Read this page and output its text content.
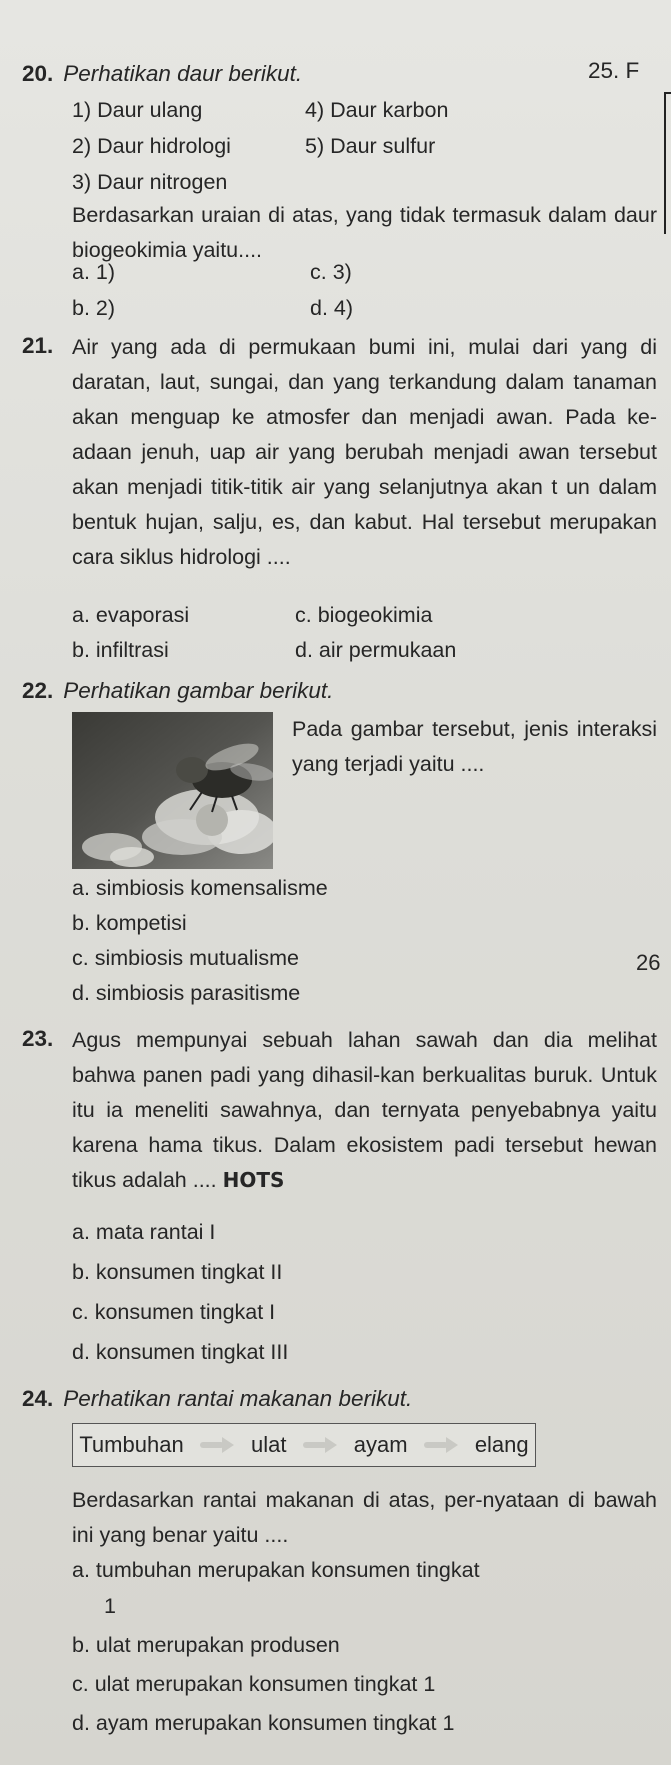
20. Perhatikan daur berikut.	25. F
1) Daur ulang	4) Daur karbon
2) Daur hidrologi	5) Daur sulfur
3) Daur nitrogen
Berdasarkan uraian di atas, yang tidak termasuk dalam daur biogeokimia yaitu....
a. 1)	c. 3)
b. 2)	d. 4)
21. Air yang ada di permukaan bumi ini, mulai dari yang di daratan, laut, sungai, dan yang terkandung dalam tanaman akan menguap ke atmosfer dan menjadi awan. Pada ke-adaan jenuh, uap air yang berubah menjadi awan tersebut akan menjadi titik-titik air yang selanjutnya akan t un dalam bentuk hujan, salju, es, dan kabut. Hal tersebut merupakan cara siklus hidrologi ....
a. evaporasi	c. biogeokimia
b. infiltrasi	d. air permukaan
22. Perhatikan gambar berikut.
Pada gambar tersebut, jenis interaksi yang terjadi yaitu ....
a. simbiosis komensalisme
b. kompetisi
c. simbiosis mutualisme	26
d. simbiosis parasitisme
23. Agus mempunyai sebuah lahan sawah dan dia melihat bahwa panen padi yang dihasil-kan berkualitas buruk. Untuk itu ia meneliti sawahnya, dan ternyata penyebabnya yaitu karena hama tikus. Dalam ekosistem padi tersebut hewan tikus adalah .... HOTS
a. mata rantai I
b. konsumen tingkat II
c. konsumen tingkat I
d. konsumen tingkat III
24. Perhatikan rantai makanan berikut.
Tumbuhan	ulat	ayam	elang
Berdasarkan rantai makanan di atas, per-nyataan di bawah ini yang benar yaitu ....
a. tumbuhan merupakan konsumen tingkat
1
b. ulat merupakan produsen
c. ulat merupakan konsumen tingkat 1
d. ayam merupakan konsumen tingkat 1
